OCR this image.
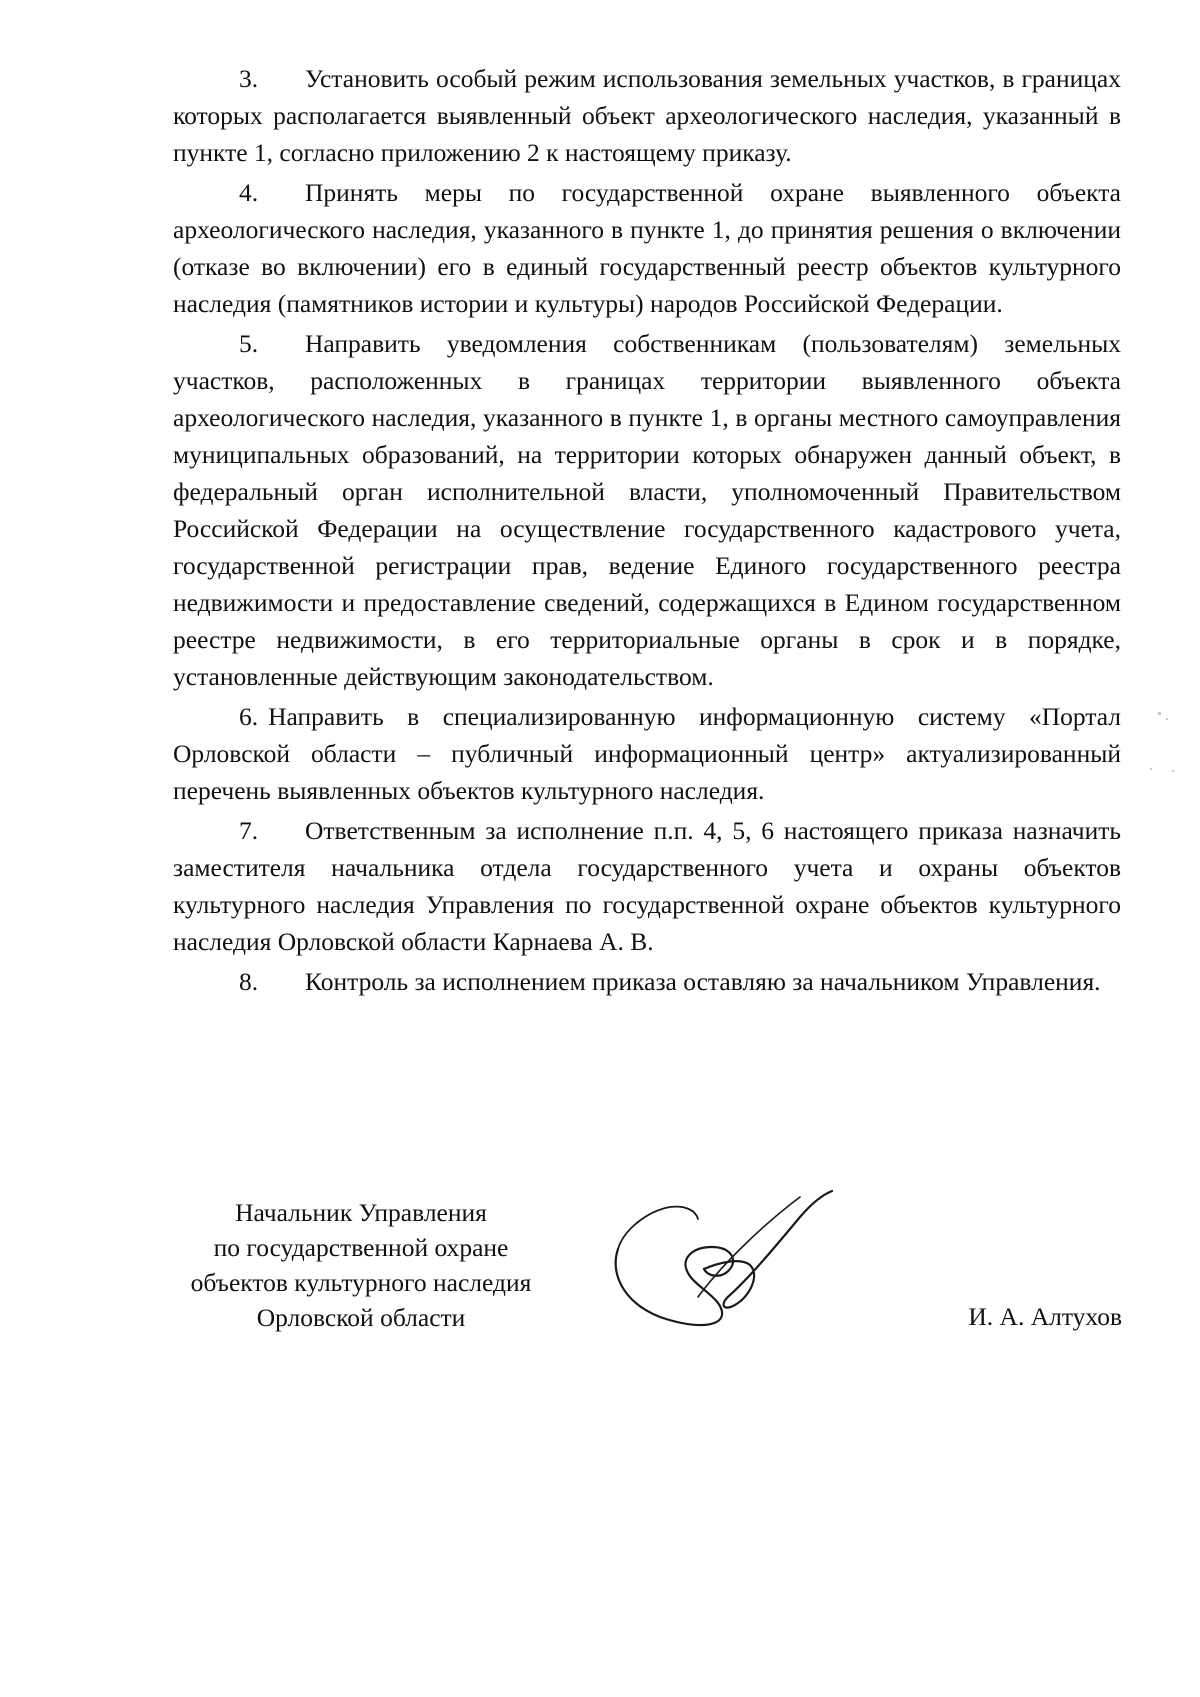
3. Установить особый режим использования земельных участков, в границах которых располагается выявленный объект археологического наследия, указанный в пункте 1, согласно приложению 2 к настоящему приказу.

4. Принять меры по государственной охране выявленного объекта археологического наследия, указанного в пункте 1, до принятия решения о включении (отказе во включении) его в единый государственный реестр объектов культурного наследия (памятников истории и культуры) народов Российской Федерации.

5. Направить уведомления собственникам (пользователям) земельных участков, расположенных в границах территории выявленного объекта археологического наследия, указанного в пункте 1, в органы местного самоуправления муниципальных образований, на территории которых обнаружен данный объект, в федеральный орган исполнительной власти, уполномоченный Правительством Российской Федерации на осуществление государственного кадастрового учета, государственной регистрации прав, ведение Единого государственного реестра недвижимости и предоставление сведений, содержащихся в Едином государственном реестре недвижимости, в его территориальные органы в срок и в порядке, установленные действующим законодательством.

6. Направить в специализированную информационную систему «Портал Орловской области – публичный информационный центр» актуализированный перечень выявленных объектов культурного наследия.

7. Ответственным за исполнение п.п. 4, 5, 6 настоящего приказа назначить заместителя начальника отдела государственного учета и охраны объектов культурного наследия Управления по государственной охране объектов культурного наследия Орловской области Карнаева А. В.

8. Контроль за исполнением приказа оставляю за начальником Управления.

Начальник Управления
по государственной охране
объектов культурного наследия
Орловской области	И. А. Алтухов
